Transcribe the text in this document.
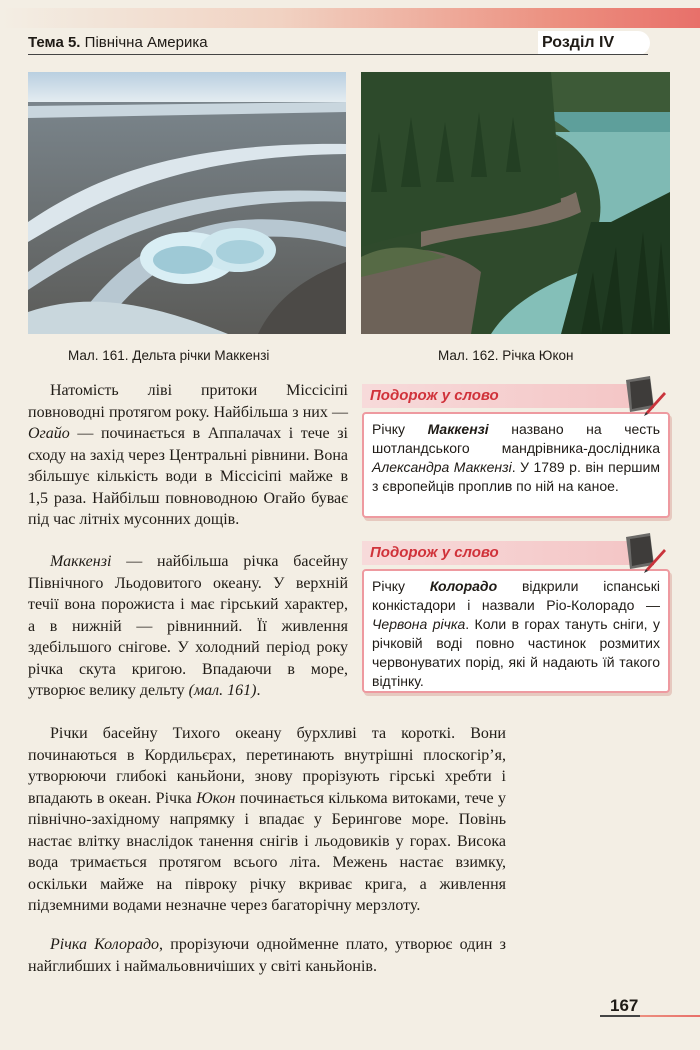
Тема 5. Північна Америка	Розділ IV
Мал. 161. Дельта річки Маккензі	Мал. 162. Річка Юкон

Натомість ліві притоки Міссісіпі повноводні протягом року. Найбільша з них — Огайо — починається в Аппалачах і тече зі сходу на захід через Центральні рівнини. Вона збільшує кількість води в Міссісіпі майже в 1,5 раза. Найбільш повноводною Огайо буває під час літніх мусонних дощів.

Маккензі — найбільша річка басейну Північного Льодовитого океану. У верхній течії вона порожиста і має гірський характер, а в нижній — рівнинний. Її живлення здебільшого снігове. У холодний період року річка скута кригою. Впадаючи в море, утворює велику дельту (мал. 161).

Річки басейну Тихого океану бурхливі та короткі. Вони починаються в Кордильєрах, перетинають внутрішні плоскогір’я, утворюючи глибокі каньйони, знову прорізують гірські хребти і впадають в океан. Річка Юкон починається кількома витоками, тече у північно-західному напрямку і впадає у Берингове море. Повінь настає влітку внаслідок танення снігів і льодовиків у горах. Висока вода тримається протягом всього літа. Межень настає взимку, оскільки майже на півроку річку вкриває крига, а живлення підземними водами незначне через багаторічну мерзлоту.

Річка Колорадо, прорізуючи однойменне плато, утворює один з найглибших і наймальовничіших у світі каньйонів.

Подорож у слово
Річку Маккензі названо на честь шотландського мандрівника-дослідника Александра Маккензі. У 1789 р. він першим з європейців проплив по ній на каное.
Подорож у слово
Річку Колорадо відкрили іспанські конкістадори і назвали Ріо-Колорадо — Червона річка. Коли в горах тануть сніги, у річковій воді повно частинок розмитих червонуватих порід, які й надають їй такого відтінку.
167
